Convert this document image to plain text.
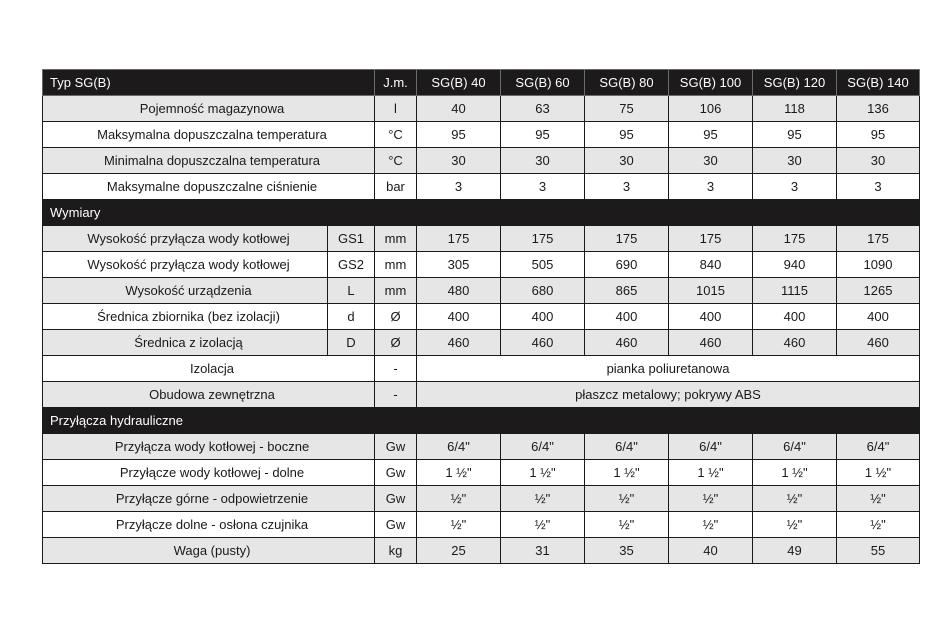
Typ SG(B)		J.m.	SG(B) 40	SG(B) 60	SG(B) 80	SG(B) 100	SG(B) 120	SG(B) 140
Pojemność magazynowa		l	40	63	75	106	118	136
Maksymalna dopuszczalna temperatura		°C	95	95	95	95	95	95
Minimalna dopuszczalna temperatura		°C	30	30	30	30	30	30
Maksymalne dopuszczalne ciśnienie		bar	3	3	3	3	3	3
Wymiary								
Wysokość przyłącza wody kotłowej	GS1	mm	175	175	175	175	175	175
Wysokość przyłącza wody kotłowej	GS2	mm	305	505	690	840	940	1090
Wysokość urządzenia	L	mm	480	680	865	1015	1115	1265
Średnica zbiornika (bez izolacji)	d	Ø	400	400	400	400	400	400
Średnica z izolacją	D	Ø	460	460	460	460	460	460
Izolacja		-	pianka poliuretanowa					
Obudowa zewnętrzna		-	płaszcz metalowy; pokrywy ABS					
Przyłącza hydrauliczne								
Przyłącza wody kotłowej - boczne		Gw	6/4"	6/4"	6/4"	6/4"	6/4"	6/4"
Przyłącze wody kotłowej - dolne		Gw	1 ½"	1 ½"	1 ½"	1 ½"	1 ½"	1 ½"
Przyłącze górne - odpowietrzenie		Gw	½"	½"	½"	½"	½"	½"
Przyłącze dolne - osłona czujnika		Gw	½"	½"	½"	½"	½"	½"
Waga (pusty)		kg	25	31	35	40	49	55
